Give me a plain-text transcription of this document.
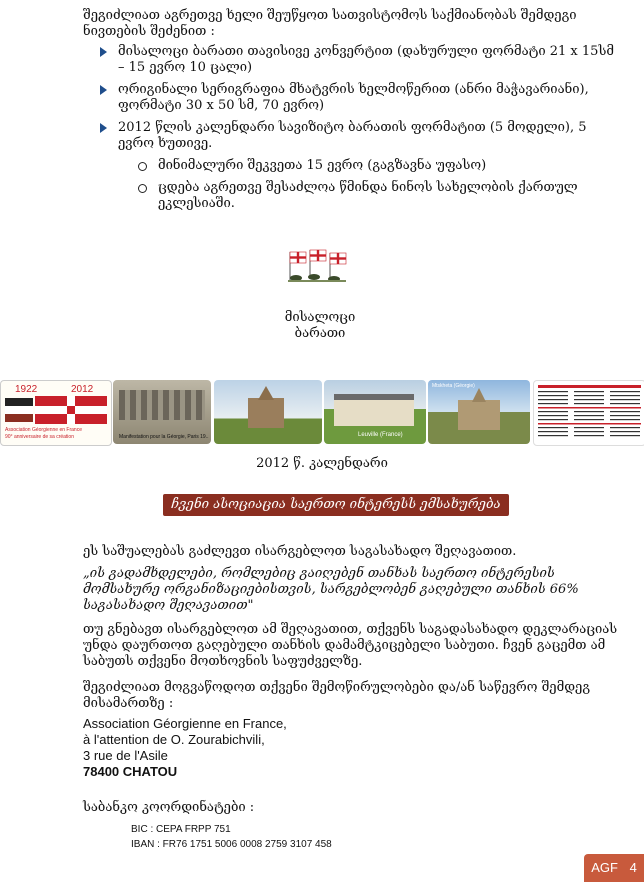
შეგიძლიათ აგრეთვე ხელი შეუწყოთ სათვისტომოს საქმიანობას შემდეგი ნივთების შეძენით :
მისალოცი ბარათი თავისივე კონვერტით (დახურული ფორმატი 21 x 15სმ – 15 ევრო 10 ცალი)
ორიგინალი სერიგრაფია მხატვრის ხელმოწერით (ანრი მაჭავარიანი), ფორმატი 30 x 50 სმ, 70 ევრო)
2012 წლის კალენდარი სავიზიტო ბარათის ფორმატით (5 მოდელი), 5 ევრო ხუთივე.
მინიმალური შეკვეთა 15 ევრო (გაგზავნა უფასო)
ცდება აგრეთვე შესაძლოა წმინდა ნინოს სახელობის ქართულ ეკლესიაში.
მისალოცი ბარათი
1922	2012
Association Géorgienne en France
90° anniversaire de sa création	Manifestation pour la Géorgie, Paris 19..	Leuville (France)
Mtskheta (Géorgie)
2012 წ. კალენდარი
ჩვენი ასოციაცია საერთო ინტერესს ემსახურება
ეს საშუალებას გაძლევთ ისარგებლოთ საგასახადო შეღავათით.
„ის გადამხდელები, რომლებიც გაიღებენ თანხას საერთო ინტერესის მომსახურე ორგანიზაციებისთვის, სარგებლობენ გაღებული თანხის 66% საგასახადო შეღავათით"
თუ გნებავთ ისარგებლოთ ამ შეღავათით, თქვენს საგადასახადო დეკლარაციას უნდა დაურთოთ გაღებული თანხის დამამტკიცებელი საბუთი. ჩვენ გაცემთ ამ საბუთს თქვენი მოთხოვნის საფუძველზე.
შეგიძლიათ მოგვაწოდოთ თქვენი შემოწირულობები და/ან საწევრო შემდეგ მისამართზე :
Association Géorgienne en France,
à l'attention de O. Zourabichvili,
3 rue de l'Asile
78400 CHATOU
საბანკო კოორდინატები :
BIC : CEPA FRPP 751
IBAN : FR76 1751 5006 0008 2759 3107 458
AGF 4
